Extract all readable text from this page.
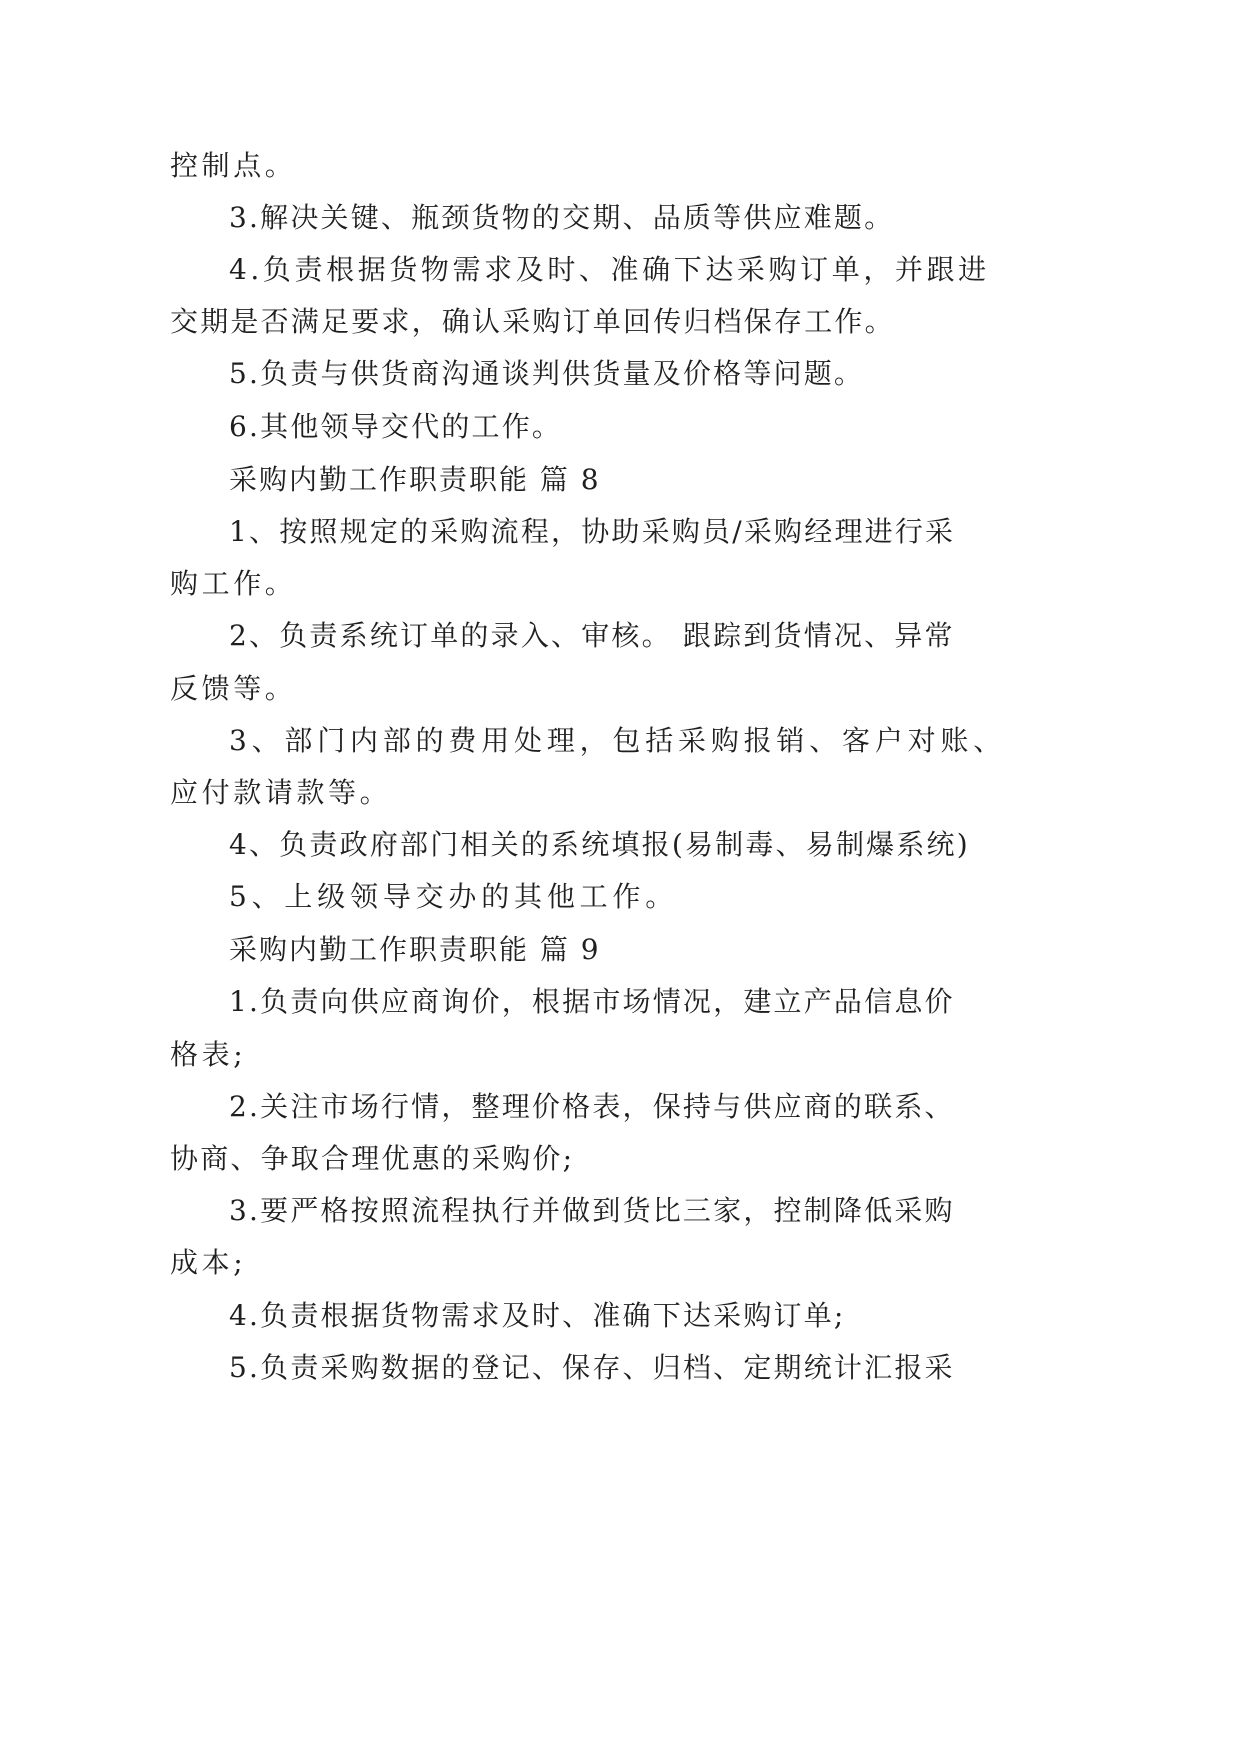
控制点。
3.解决关键、瓶颈货物的交期、品质等供应难题。
4.负责根据货物需求及时、准确下达采购订单，并跟进
交期是否满足要求，确认采购订单回传归档保存工作。
5.负责与供货商沟通谈判供货量及价格等问题。
6.其他领导交代的工作。
采购内勤工作职责职能 篇 8
1、按照规定的采购流程，协助采购员/采购经理进行采
购工作。
2、负责系统订单的录入、审核。 跟踪到货情况、异常
反馈等。
3、部门内部的费用处理，包括采购报销、客户对账、
应付款请款等。
4、负责政府部门相关的系统填报(易制毒、易制爆系统)
5、上级领导交办的其他工作。
采购内勤工作职责职能 篇 9
1.负责向供应商询价，根据市场情况，建立产品信息价
格表;
2.关注市场行情，整理价格表，保持与供应商的联系、
协商、争取合理优惠的采购价;
3.要严格按照流程执行并做到货比三家，控制降低采购
成本;
4.负责根据货物需求及时、准确下达采购订单;
5.负责采购数据的登记、保存、归档、定期统计汇报采
